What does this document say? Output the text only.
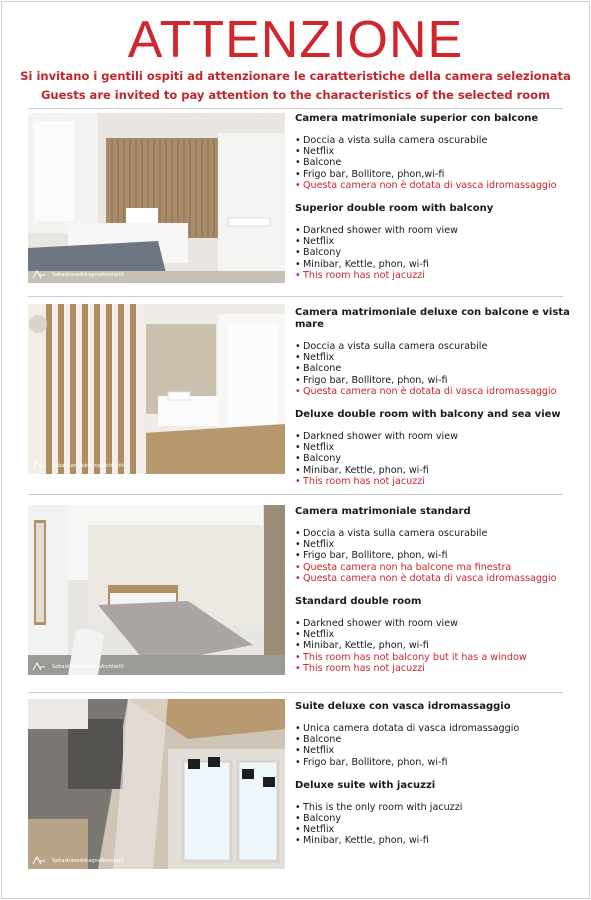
ATTENZIONE
Si invitano i gentili ospiti ad attenzionare le caratteristiche della camera selezionata
Guests are invited to pay attention to the characteristics of the selected room
SebastianoAdragnaArchitetti
Camera matrimoniale superior con balcone
• Doccia a vista sulla camera oscurabile
• Netflix
• Balcone
• Frigo bar, Bollitore, phon,wi-fi
• Questa camera non è dotata di vasca idromassaggio
Superior double room with balcony
• Darkned shower with room view
• Netflix
• Balcony
• Minibar, Kettle, phon, wi-fi
• This room has not jacuzzi
SebastianoAdragnaArchitetti
Camera matrimoniale deluxe con balcone e vista mare
• Doccia a vista sulla camera oscurabile
• Netflix
• Balcone
• Frigo bar, Bollitore, phon, wi-fi
• Questa camera non è dotata di vasca idromassaggio
Deluxe double room with balcony and sea view
• Darkned shower with room view
• Netflix
• Balcony
• Minibar, Kettle, phon, wi-fi
• This room has not jacuzzi
SebastianoAdragnaArchitetti
Camera matrimoniale standard
• Doccia a vista sulla camera oscurabile
• Netflix
• Frigo bar, Bollitore, phon, wi-fi
• Questa camera non ha balcone ma finestra
• Questa camera non è dotata di vasca idromassaggio
Standard double room
• Darkned shower with room view
• Netflix
• Minibar, Kettle, phon, wi-fi
• This room has not balcony but it has a window
• This room has not jacuzzi
SebastianoAdragnaArchitetti
Suite deluxe con vasca idromassaggio
• Unica camera dotata di vasca idromassaggio
• Balcone
• Netflix
• Frigo bar, Bollitore, phon, wi-fi
Deluxe suite with jacuzzi
• This is the only room with jacuzzi
• Balcony
• Netflix
• Minibar, Kettle, phon, wi-fi
